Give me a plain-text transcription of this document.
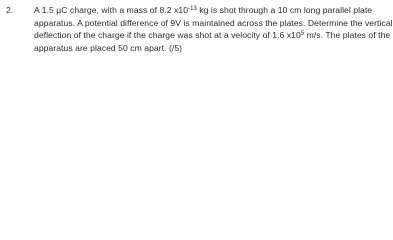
2. A 1.5 µC charge, with a mass of 8.2 $x10^{-13}$ kg is shot through a 10 cm long parallel plate
apparatus. A potential difference of 9V is maintained across the plates. Determine the vertical
deflection of the charge if the charge was shot at a velocity of 1.6 $x10^5$ m/s. The plates of the
apparatus are placed 50 cm apart. (/5)
